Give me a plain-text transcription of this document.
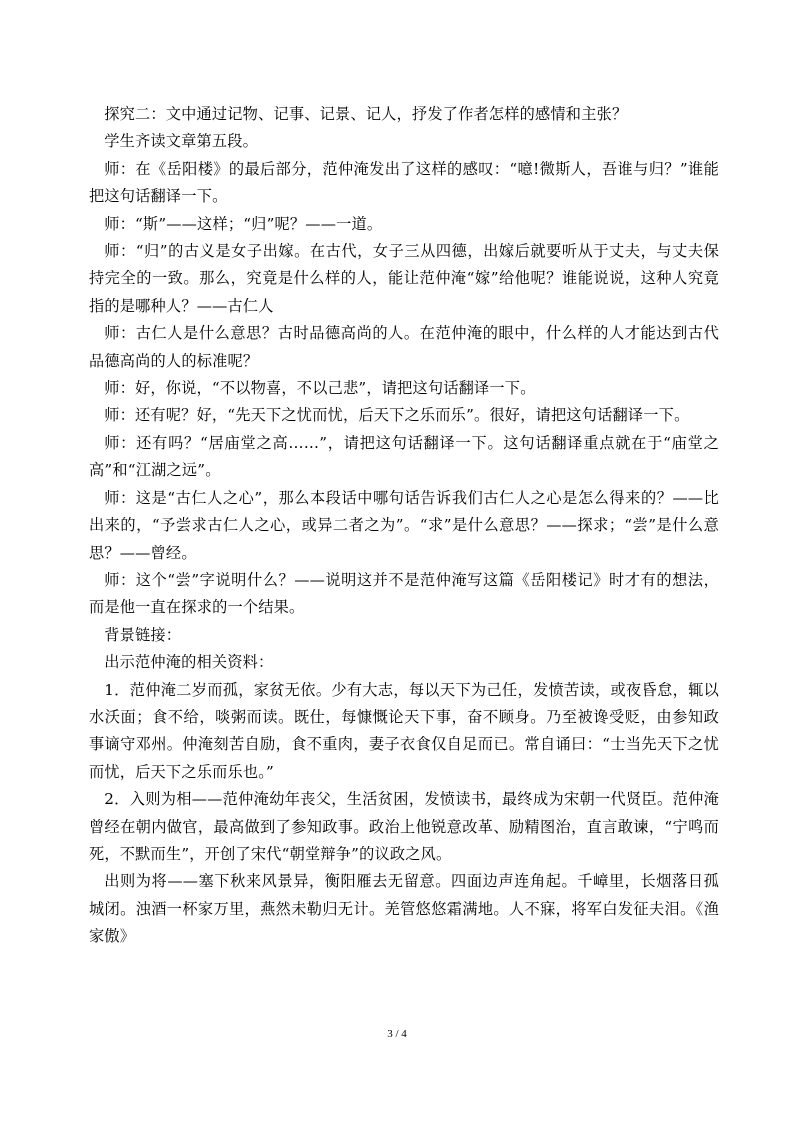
探究二：文中通过记物、记事、记景、记人，抒发了作者怎样的感情和主张？

学生齐读文章第五段。

师：在《岳阳楼》的最后部分，范仲淹发出了这样的感叹：“噫!微斯人，吾谁与归？”谁能把这句话翻译一下。

师：“斯”——这样；“归”呢？——一道。

师：“归”的古义是女子出嫁。在古代，女子三从四德，出嫁后就要听从于丈夫，与丈夫保持完全的一致。那么，究竟是什么样的人，能让范仲淹“嫁”给他呢？谁能说说，这种人究竟指的是哪种人？——古仁人

师：古仁人是什么意思？古时品德高尚的人。在范仲淹的眼中，什么样的人才能达到古代品德高尚的人的标准呢？

师：好，你说，“不以物喜，不以己悲”，请把这句话翻译一下。

师：还有呢？好，“先天下之忧而忧，后天下之乐而乐”。很好，请把这句话翻译一下。

师：还有吗？“居庙堂之高……”，请把这句话翻译一下。这句话翻译重点就在于“庙堂之高”和“江湖之远”。

师：这是“古仁人之心”，那么本段话中哪句话告诉我们古仁人之心是怎么得来的？——比出来的，“予尝求古仁人之心，或异二者之为”。“求”是什么意思？——探求；“尝”是什么意思？——曾经。

师：这个“尝”字说明什么？——说明这并不是范仲淹写这篇《岳阳楼记》时才有的想法，而是他一直在探求的一个结果。

背景链接：

出示范仲淹的相关资料：

1．范仲淹二岁而孤，家贫无依。少有大志，每以天下为己任，发愤苦读，或夜昏怠，辄以水沃面；食不给，啖粥而读。既仕，每慷慨论天下事，奋不顾身。乃至被谗受贬，由参知政事谪守邓州。仲淹刻苦自励，食不重肉，妻子衣食仅自足而已。常自诵曰：“士当先天下之忧而忧，后天下之乐而乐也。”

2．入则为相——范仲淹幼年丧父，生活贫困，发愤读书，最终成为宋朝一代贤臣。范仲淹曾经在朝内做官，最高做到了参知政事。政治上他锐意改革、励精图治，直言敢谏，“宁鸣而死，不默而生”，开创了宋代“朝堂辩争”的议政之风。

出则为将——塞下秋来风景异，衡阳雁去无留意。四面边声连角起。千嶂里，长烟落日孤城闭。浊酒一杯家万里，燕然未勒归无计。羌管悠悠霜满地。人不寐，将军白发征夫泪。《渔家傲》

3 / 4
